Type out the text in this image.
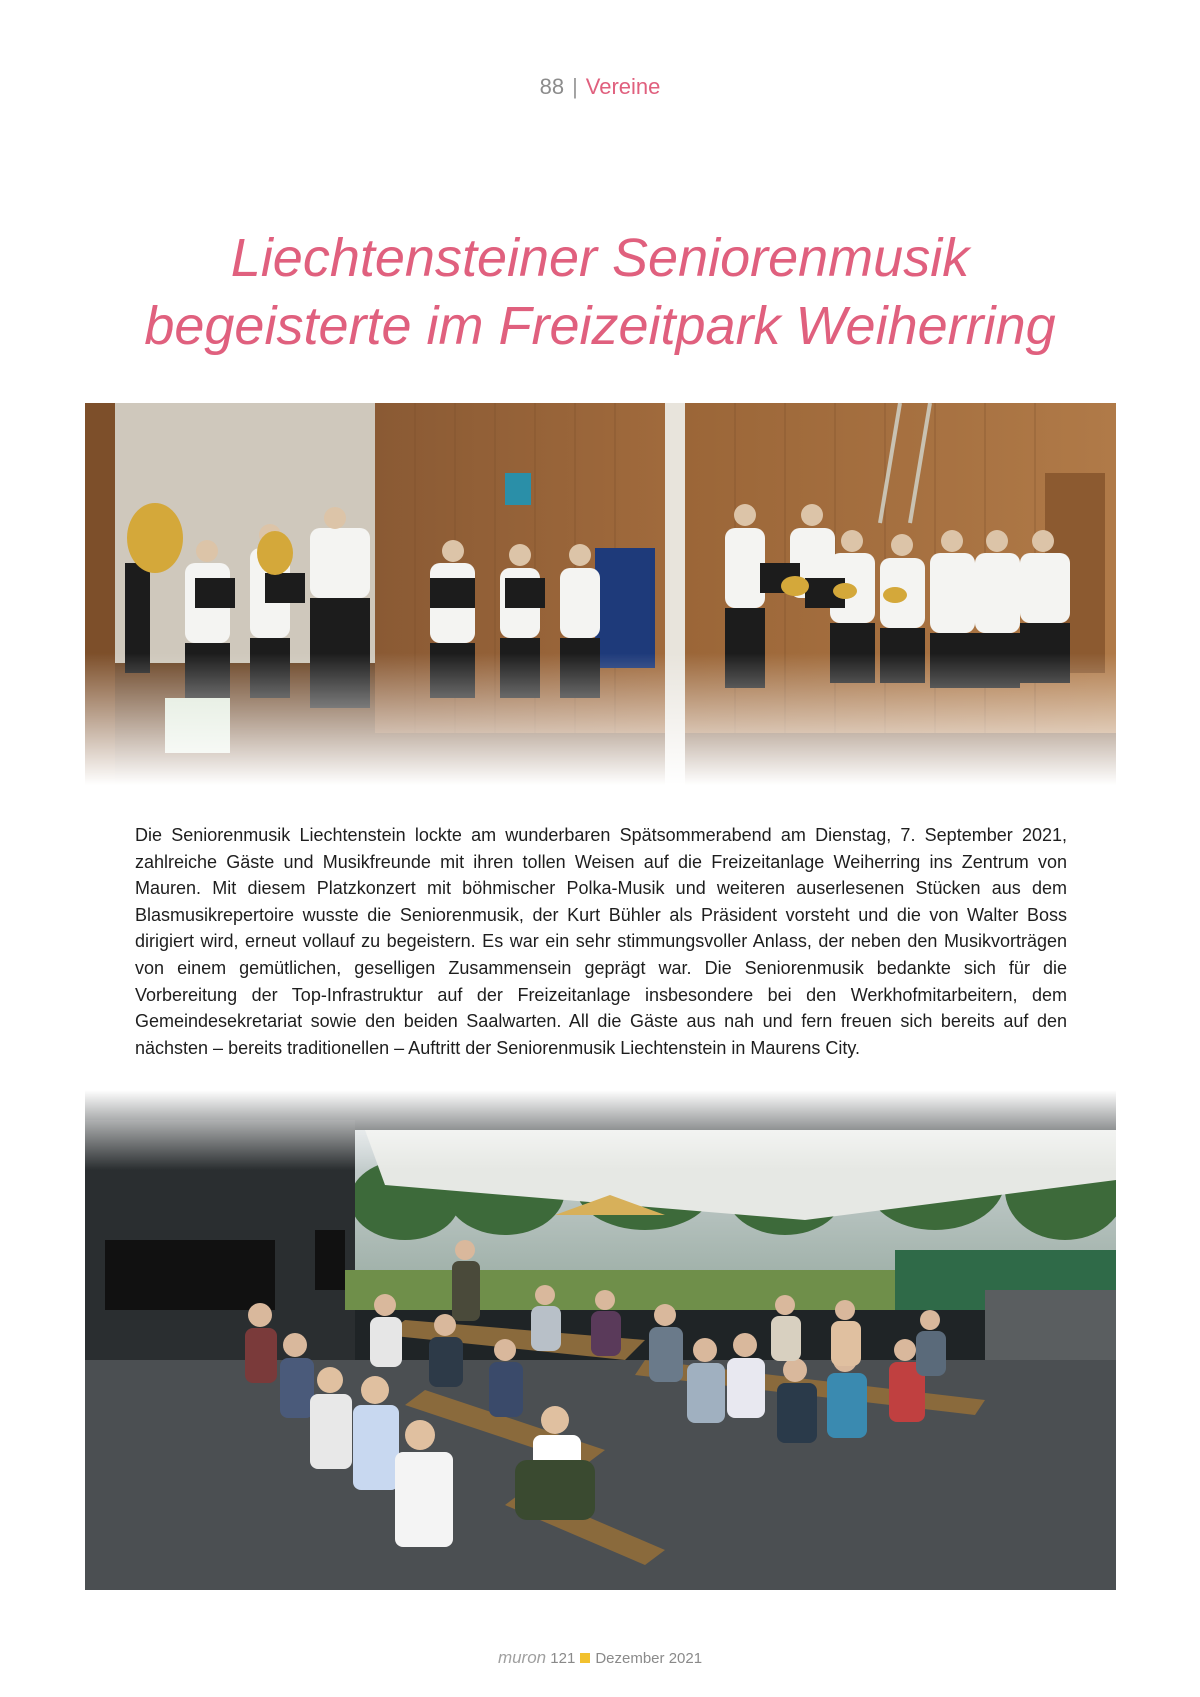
88 | Vereine
Liechtensteiner Seniorenmusik
begeisterte im Freizeitpark Weiherring
Die Seniorenmusik Liechtenstein lockte am wunderbaren Spätsommerabend am Dienstag, 7. September 2021, zahlreiche Gäste und Musikfreunde mit ihren tollen Weisen auf die Freizeitanlage Weiherring ins Zentrum von Mauren. Mit diesem Platzkonzert mit böhmischer Polka-Musik und weiteren auserlesenen Stücken aus dem Blasmusikrepertoire wusste die Seniorenmusik, der Kurt Bühler als Präsident vorsteht und die von Walter Boss dirigiert wird, erneut vollauf zu begeistern. Es war ein sehr stimmungsvoller Anlass, der neben den Musikvorträgen von einem gemütlichen, geselligen Zusammensein geprägt war. Die Seniorenmusik bedankte sich für die Vorbereitung der Top-Infrastruktur auf der Freizeitanlage insbesondere bei den Werkhofmitarbeitern, dem Gemeindesekretariat sowie den beiden Saalwarten. All die Gäste aus nah und fern freuen sich bereits auf den nächsten – bereits traditionellen – Auftritt der Seniorenmusik Liechtenstein in Maurens City.
muron 121 Dezember 2021
